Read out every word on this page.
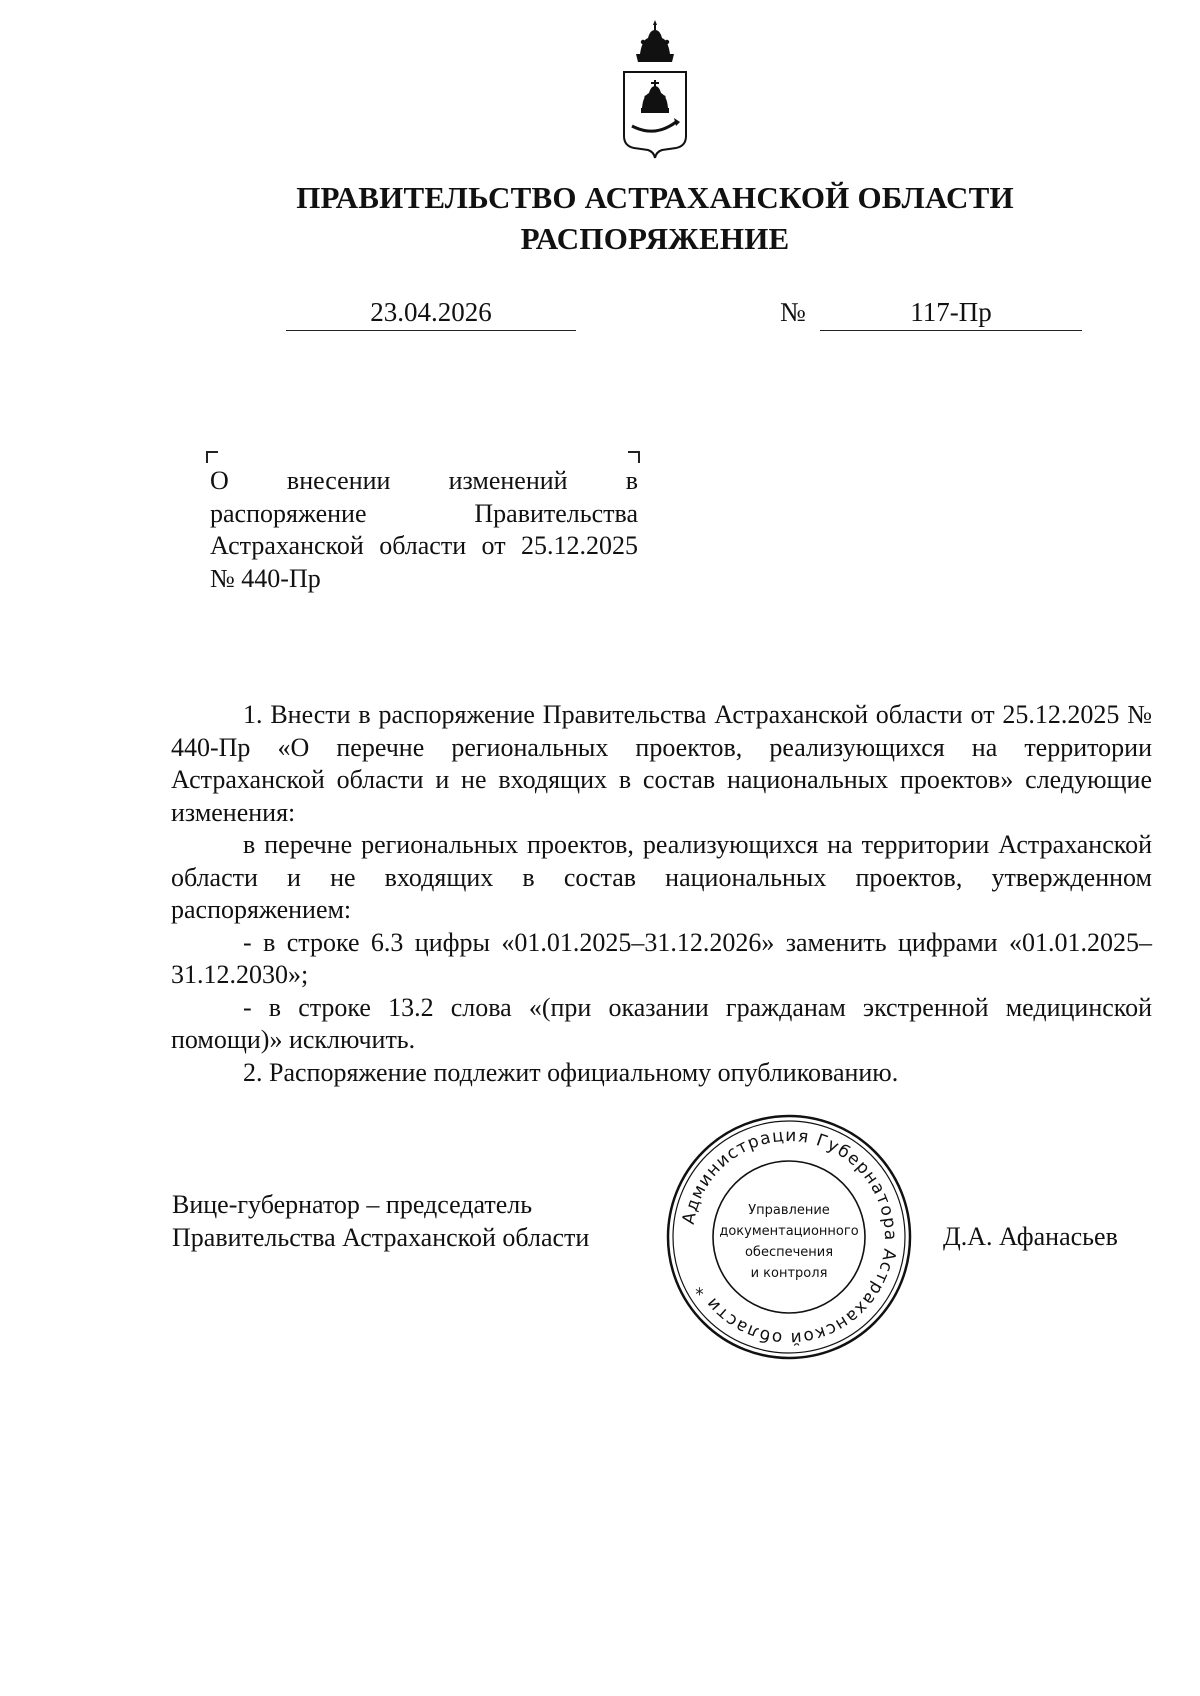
ПРАВИТЕЛЬСТВО АСТРАХАНСКОЙ ОБЛАСТИ
РАСПОРЯЖЕНИЕ
23.04.2026	№	117-Пр
О внесении изменений в распоряжение Правительства Астраханской области от 25.12.2025 № 440-Пр

1. Внести в распоряжение Правительства Астраханской области от 25.12.2025 № 440-Пр «О перечне региональных проектов, реализующихся на территории Астраханской области и не входящих в состав национальных проектов» следующие изменения:

в перечне региональных проектов, реализующихся на территории Астраханской области и не входящих в состав национальных проектов, утвержденном распоряжением:

- в строке 6.3 цифры «01.01.2025–31.12.2026» заменить цифрами «01.01.2025–31.12.2030»;

- в строке 13.2 слова «(при оказании гражданам экстренной медицинской помощи)» исключить.

2. Распоряжение подлежит официальному опубликованию.

Вице-губернатор – председатель
Правительства Астраханской области
Администрация Губернатора Астраханской области *
Управление
документационного
обеспечения
и контроля
Д.А. Афанасьев
